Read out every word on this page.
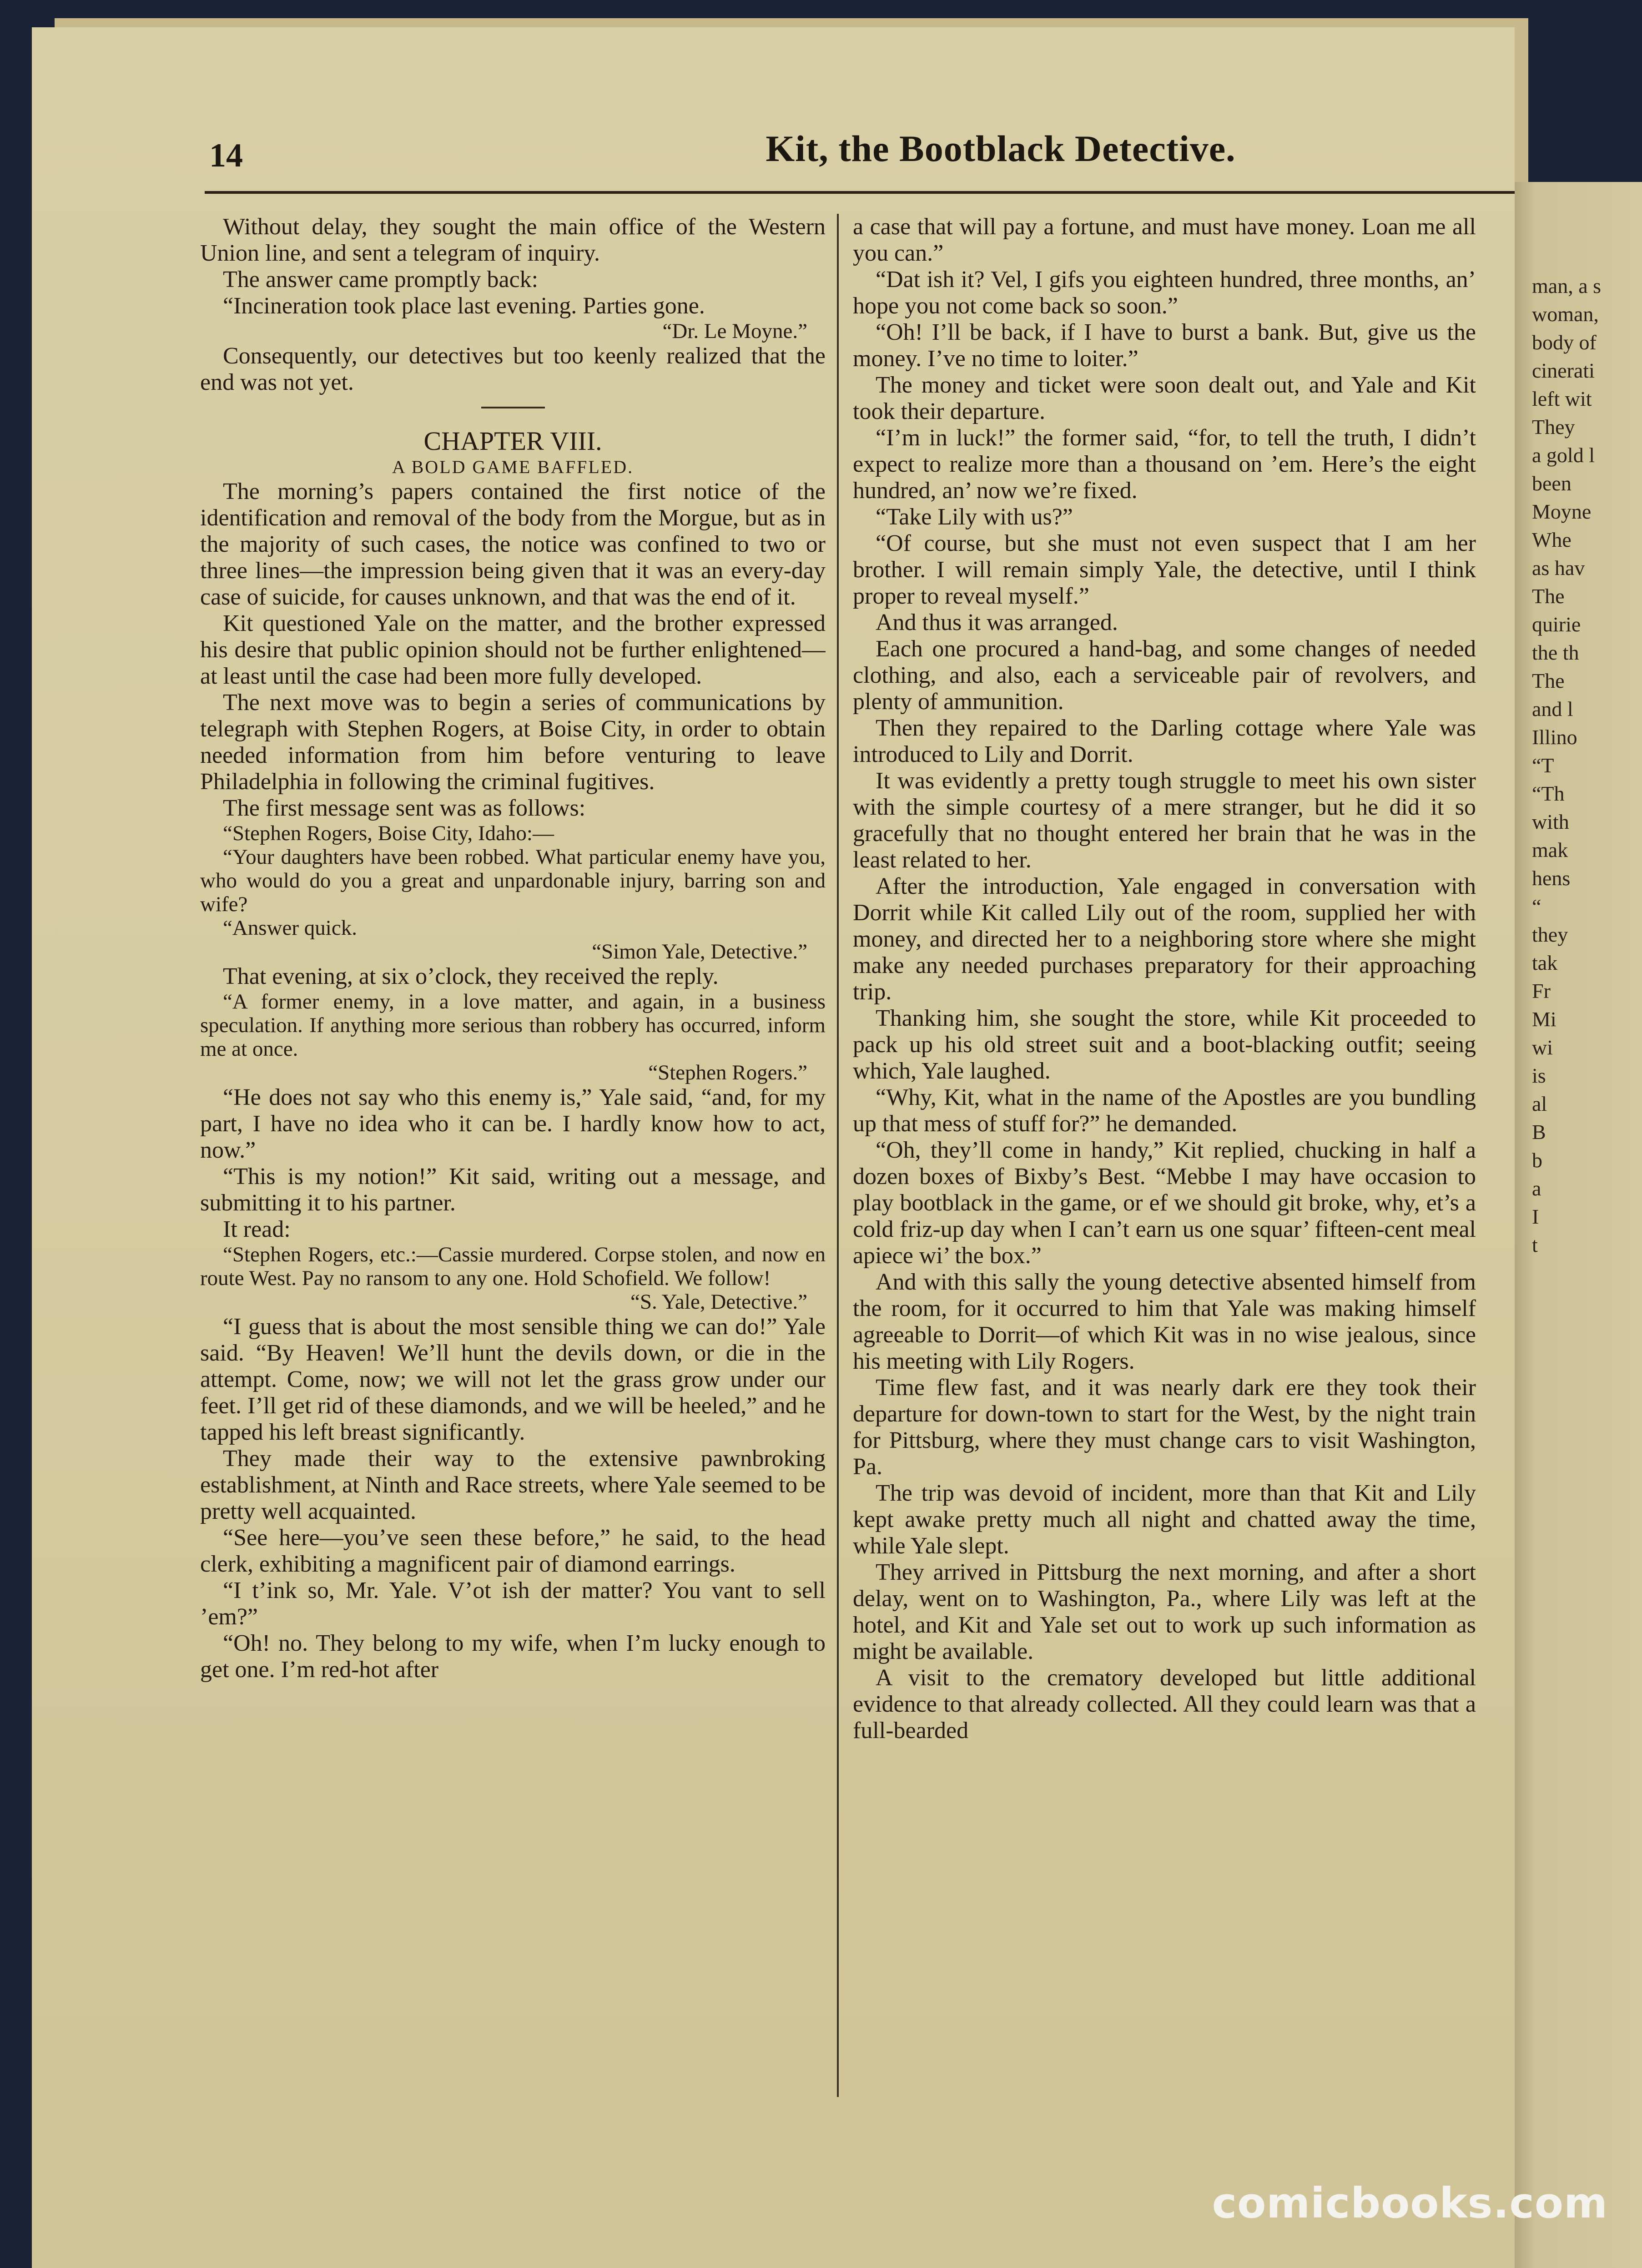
man, a s
woman,
body of
cinerati
left wit
They
a gold l
been
Moyne
Whe
as hav
The
quirie
the th
The
and l
Illino
“T
“Th
with
mak
hens
“
they
tak
Fr
Mi
wi
is
al
B
b
a
I
t
14	Kit, the Bootblack Detective.

Without delay, they sought the main office of the Western Union line, and sent a telegram of inquiry.

The answer came promptly back:

“Incineration took place last evening. Parties gone.

“Dr. Le Moyne.”

Consequently, our detectives but too keenly realized that the end was not yet.

CHAPTER VIII.

A BOLD GAME BAFFLED.

The morning’s papers contained the first notice of the identification and removal of the body from the Morgue, but as in the majority of such cases, the notice was confined to two or three lines—the impression being given that it was an every-day case of suicide, for causes unknown, and that was the end of it.

Kit questioned Yale on the matter, and the brother expressed his desire that public opinion should not be further enlightened—at least until the case had been more fully developed.

The next move was to begin a series of communications by telegraph with Stephen Rogers, at Boise City, in order to obtain needed information from him before venturing to leave Philadelphia in following the criminal fugitives.

The first message sent was as follows:

“Stephen Rogers, Boise City, Idaho:—

“Your daughters have been robbed. What particular enemy have you, who would do you a great and unpardonable injury, barring son and wife?

“Answer quick.

“Simon Yale, Detective.”

That evening, at six o’clock, they received the reply.

“A former enemy, in a love matter, and again, in a business speculation. If anything more serious than robbery has occurred, inform me at once.

“Stephen Rogers.”

“He does not say who this enemy is,” Yale said, “and, for my part, I have no idea who it can be. I hardly know how to act, now.”

“This is my notion!” Kit said, writing out a message, and submitting it to his partner.

It read:

“Stephen Rogers, etc.:—Cassie murdered. Corpse stolen, and now en route West. Pay no ransom to any one. Hold Schofield. We follow!

“S. Yale, Detective.”

“I guess that is about the most sensible thing we can do!” Yale said. “By Heaven! We’ll hunt the devils down, or die in the attempt. Come, now; we will not let the grass grow under our feet. I’ll get rid of these diamonds, and we will be heeled,” and he tapped his left breast significantly.

They made their way to the extensive pawnbroking establishment, at Ninth and Race streets, where Yale seemed to be pretty well acquainted.

“See here—you’ve seen these before,” he said, to the head clerk, exhibiting a magnificent pair of diamond earrings.

“I t’ink so, Mr. Yale. V’ot ish der matter? You vant to sell ’em?”

“Oh! no. They belong to my wife, when I’m lucky enough to get one. I’m red-hot after

a case that will pay a fortune, and must have money. Loan me all you can.”

“Dat ish it? Vel, I gifs you eighteen hundred, three months, an’ hope you not come back so soon.”

“Oh! I’ll be back, if I have to burst a bank. But, give us the money. I’ve no time to loiter.”

The money and ticket were soon dealt out, and Yale and Kit took their departure.

“I’m in luck!” the former said, “for, to tell the truth, I didn’t expect to realize more than a thousand on ’em. Here’s the eight hundred, an’ now we’re fixed.

“Take Lily with us?”

“Of course, but she must not even suspect that I am her brother. I will remain simply Yale, the detective, until I think proper to reveal myself.”

And thus it was arranged.

Each one procured a hand-bag, and some changes of needed clothing, and also, each a serviceable pair of revolvers, and plenty of ammunition.

Then they repaired to the Darling cottage where Yale was introduced to Lily and Dorrit.

It was evidently a pretty tough struggle to meet his own sister with the simple courtesy of a mere stranger, but he did it so gracefully that no thought entered her brain that he was in the least related to her.

After the introduction, Yale engaged in conversation with Dorrit while Kit called Lily out of the room, supplied her with money, and directed her to a neighboring store where she might make any needed purchases preparatory for their approaching trip.

Thanking him, she sought the store, while Kit proceeded to pack up his old street suit and a boot-blacking outfit; seeing which, Yale laughed.

“Why, Kit, what in the name of the Apostles are you bundling up that mess of stuff for?” he demanded.

“Oh, they’ll come in handy,” Kit replied, chucking in half a dozen boxes of Bixby’s Best. “Mebbe I may have occasion to play bootblack in the game, or ef we should git broke, why, et’s a cold friz-up day when I can’t earn us one squar’ fifteen-cent meal apiece wi’ the box.”

And with this sally the young detective absented himself from the room, for it occurred to him that Yale was making himself agreeable to Dorrit—of which Kit was in no wise jealous, since his meeting with Lily Rogers.

Time flew fast, and it was nearly dark ere they took their departure for down-town to start for the West, by the night train for Pittsburg, where they must change cars to visit Washington, Pa.

The trip was devoid of incident, more than that Kit and Lily kept awake pretty much all night and chatted away the time, while Yale slept.

They arrived in Pittsburg the next morning, and after a short delay, went on to Washington, Pa., where Lily was left at the hotel, and Kit and Yale set out to work up such information as might be available.

A visit to the crematory developed but little additional evidence to that already collected. All they could learn was that a full-bearded

comicbooks.com
